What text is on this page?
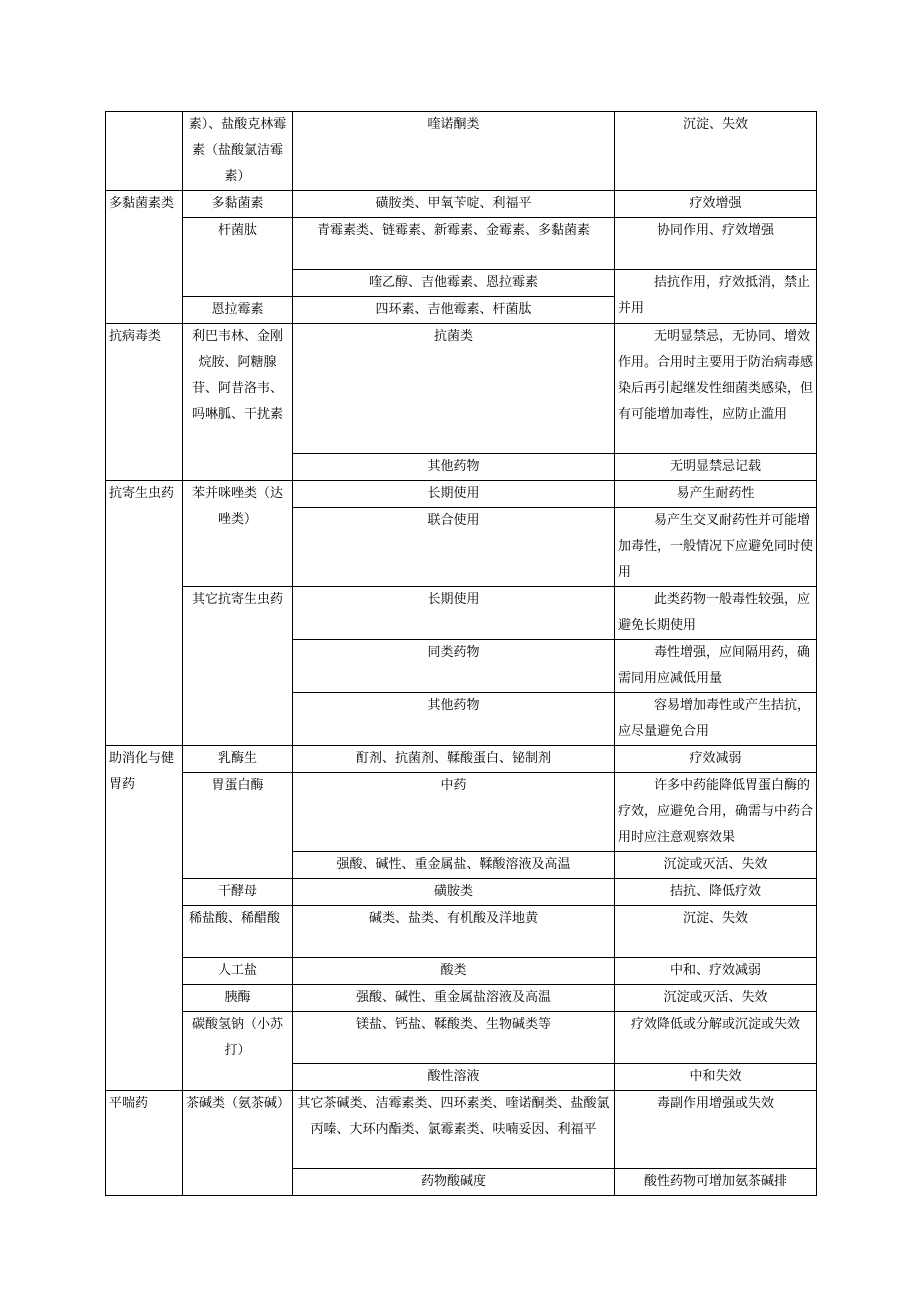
	素）、盐酸克林霉素（盐酸氯洁霉素）	喹诺酮类	沉淀、失效
多黏菌素类	多黏菌素	磺胺类、甲氧苄啶、利福平	疗效增强
	杆菌肽	青霉素类、链霉素、新霉素、金霉素、多黏菌素	协同作用、疗效增强
		喹乙醇、吉他霉素、恩拉霉素	拮抗作用，疗效抵消，禁止并用
	恩拉霉素	四环素、吉他霉素、杆菌肽	

抗病毒类	利巴韦林、金刚烷胺、阿糖腺苷、阿昔洛韦、吗啉胍、干扰素	抗菌类	无明显禁忌，无协同、增效作用。合用时主要用于防治病毒感染后再引起继发性细菌类感染，但有可能增加毒性，应防止滥用
		其他药物	无明显禁忌记载
抗寄生虫药	苯并咪唑类（达唑类）	长期使用	易产生耐药性
		联合使用	易产生交叉耐药性并可能增加毒性，一般情况下应避免同时使用
	其它抗寄生虫药	长期使用	此类药物一般毒性较强，应避免长期使用
		同类药物	毒性增强，应间隔用药，确需同用应减低用量
		其他药物	容易增加毒性或产生拮抗，应尽量避免合用
助消化与健胃药	乳酶生	酊剂、抗菌剂、鞣酸蛋白、铋制剂	疗效减弱
	胃蛋白酶	中药	许多中药能降低胃蛋白酶的疗效，应避免合用，确需与中药合用时应注意观察效果
		强酸、碱性、重金属盐、鞣酸溶液及高温	沉淀或灭活、失效
	干酵母	磺胺类	拮抗、降低疗效
	稀盐酸、稀醋酸	碱类、盐类、有机酸及洋地黄	沉淀、失效
	人工盐	酸类	中和、疗效减弱
	胰酶	强酸、碱性、重金属盐溶液及高温	沉淀或灭活、失效
	碳酸氢钠（小苏打）	镁盐、钙盐、鞣酸类、生物碱类等	疗效降低或分解或沉淀或失效
		酸性溶液	中和失效

平喘药	茶碱类（氨茶碱）	其它茶碱类、洁霉素类、四环素类、喹诺酮类、盐酸氯丙嗪、大环内酯类、氯霉素类、呋喃妥因、利福平	毒副作用增强或失效
		药物酸碱度	酸性药物可增加氨茶碱排
